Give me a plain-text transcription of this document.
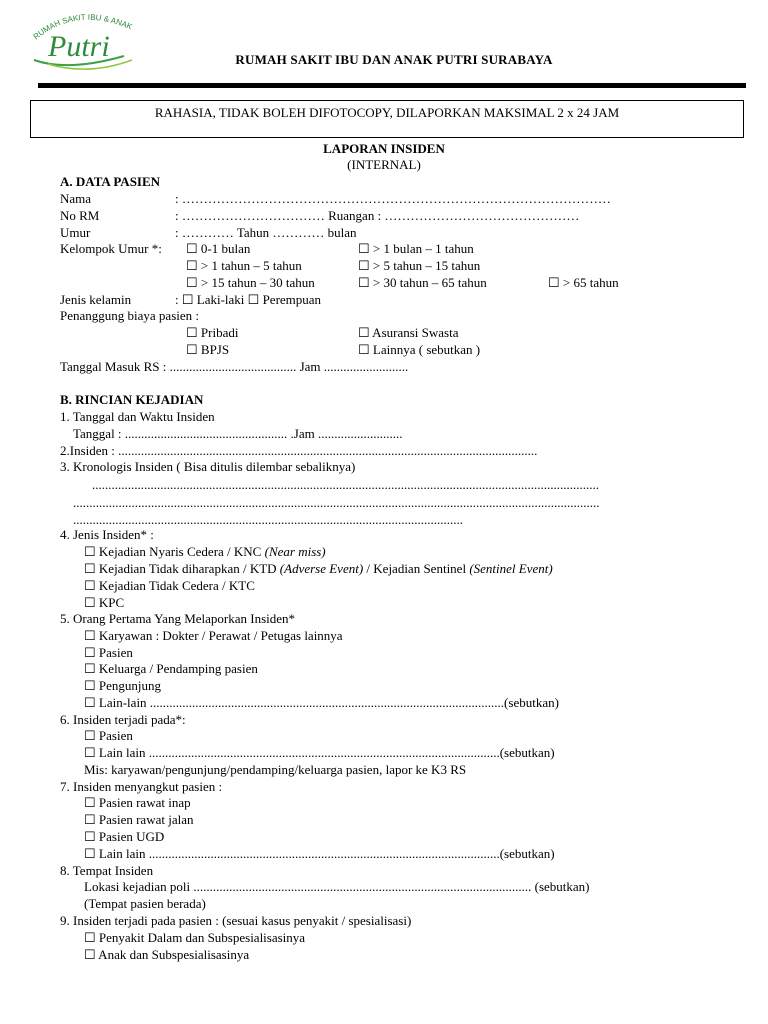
RUMAH SAKIT IBU & ANAK
Putri	RUMAH SAKIT IBU DAN ANAK PUTRI SURABAYA
RAHASIA, TIDAK BOLEH DIFOTOCOPY, DILAPORKAN MAKSIMAL 2 x 24 JAM
LAPORAN INSIDEN
(INTERNAL)
A. DATA PASIEN
Nama	: ………………………………………………………………………………………
No RM	: …………………………… Ruangan : ………………………………………
Umur	: ………… Tahun ………… bulan
Kelompok Umur *: ☐ 0-1 bulan	☐ > 1 bulan – 1 tahun
☐ > 1 tahun – 5 tahun	☐ > 5 tahun – 15 tahun
☐ > 15 tahun – 30 tahun	☐ > 30 tahun – 65 tahun	☐ > 65 tahun
Jenis kelamin	: ☐ Laki-laki ☐ Perempuan
Penanggung biaya pasien :
☐ Pribadi	☐ Asuransi Swasta
☐ BPJS	☐ Lainnya ( sebutkan )
Tanggal Masuk RS : ....................................... Jam ..........................
B. RINCIAN KEJADIAN
1. Tanggal dan Waktu Insiden
Tanggal : .................................................. .Jam ..........................
2.Insiden : .................................................................................................................................
3. Kronologis Insiden ( Bisa ditulis dilembar sebaliknya)
............................................................................................................................................................
..................................................................................................................................................................
........................................................................................................................
4. Jenis Insiden* :
☐ Kejadian Nyaris Cedera / KNC (Near miss)
☐ Kejadian Tidak diharapkan / KTD (Adverse Event) / Kejadian Sentinel (Sentinel Event)
☐ Kejadian Tidak Cedera / KTC
☐ KPC
5. Orang Pertama Yang Melaporkan Insiden*
☐ Karyawan : Dokter / Perawat / Petugas lainnya
☐ Pasien
☐ Keluarga / Pendamping pasien
☐ Pengunjung
☐ Lain-lain .............................................................................................................(sebutkan)
6. Insiden terjadi pada*:
☐ Pasien
☐ Lain lain ............................................................................................................(sebutkan)
Mis: karyawan/pengunjung/pendamping/keluarga pasien, lapor ke K3 RS
7. Insiden menyangkut pasien :
☐ Pasien rawat inap
☐ Pasien rawat jalan
☐ Pasien UGD
☐ Lain lain ............................................................................................................(sebutkan)
8. Tempat Insiden
Lokasi kejadian poli ........................................................................................................ (sebutkan)
(Tempat pasien berada)
9. Insiden terjadi pada pasien : (sesuai kasus penyakit / spesialisasi)
☐ Penyakit Dalam dan Subspesialisasinya
☐ Anak dan Subspesialisasinya
